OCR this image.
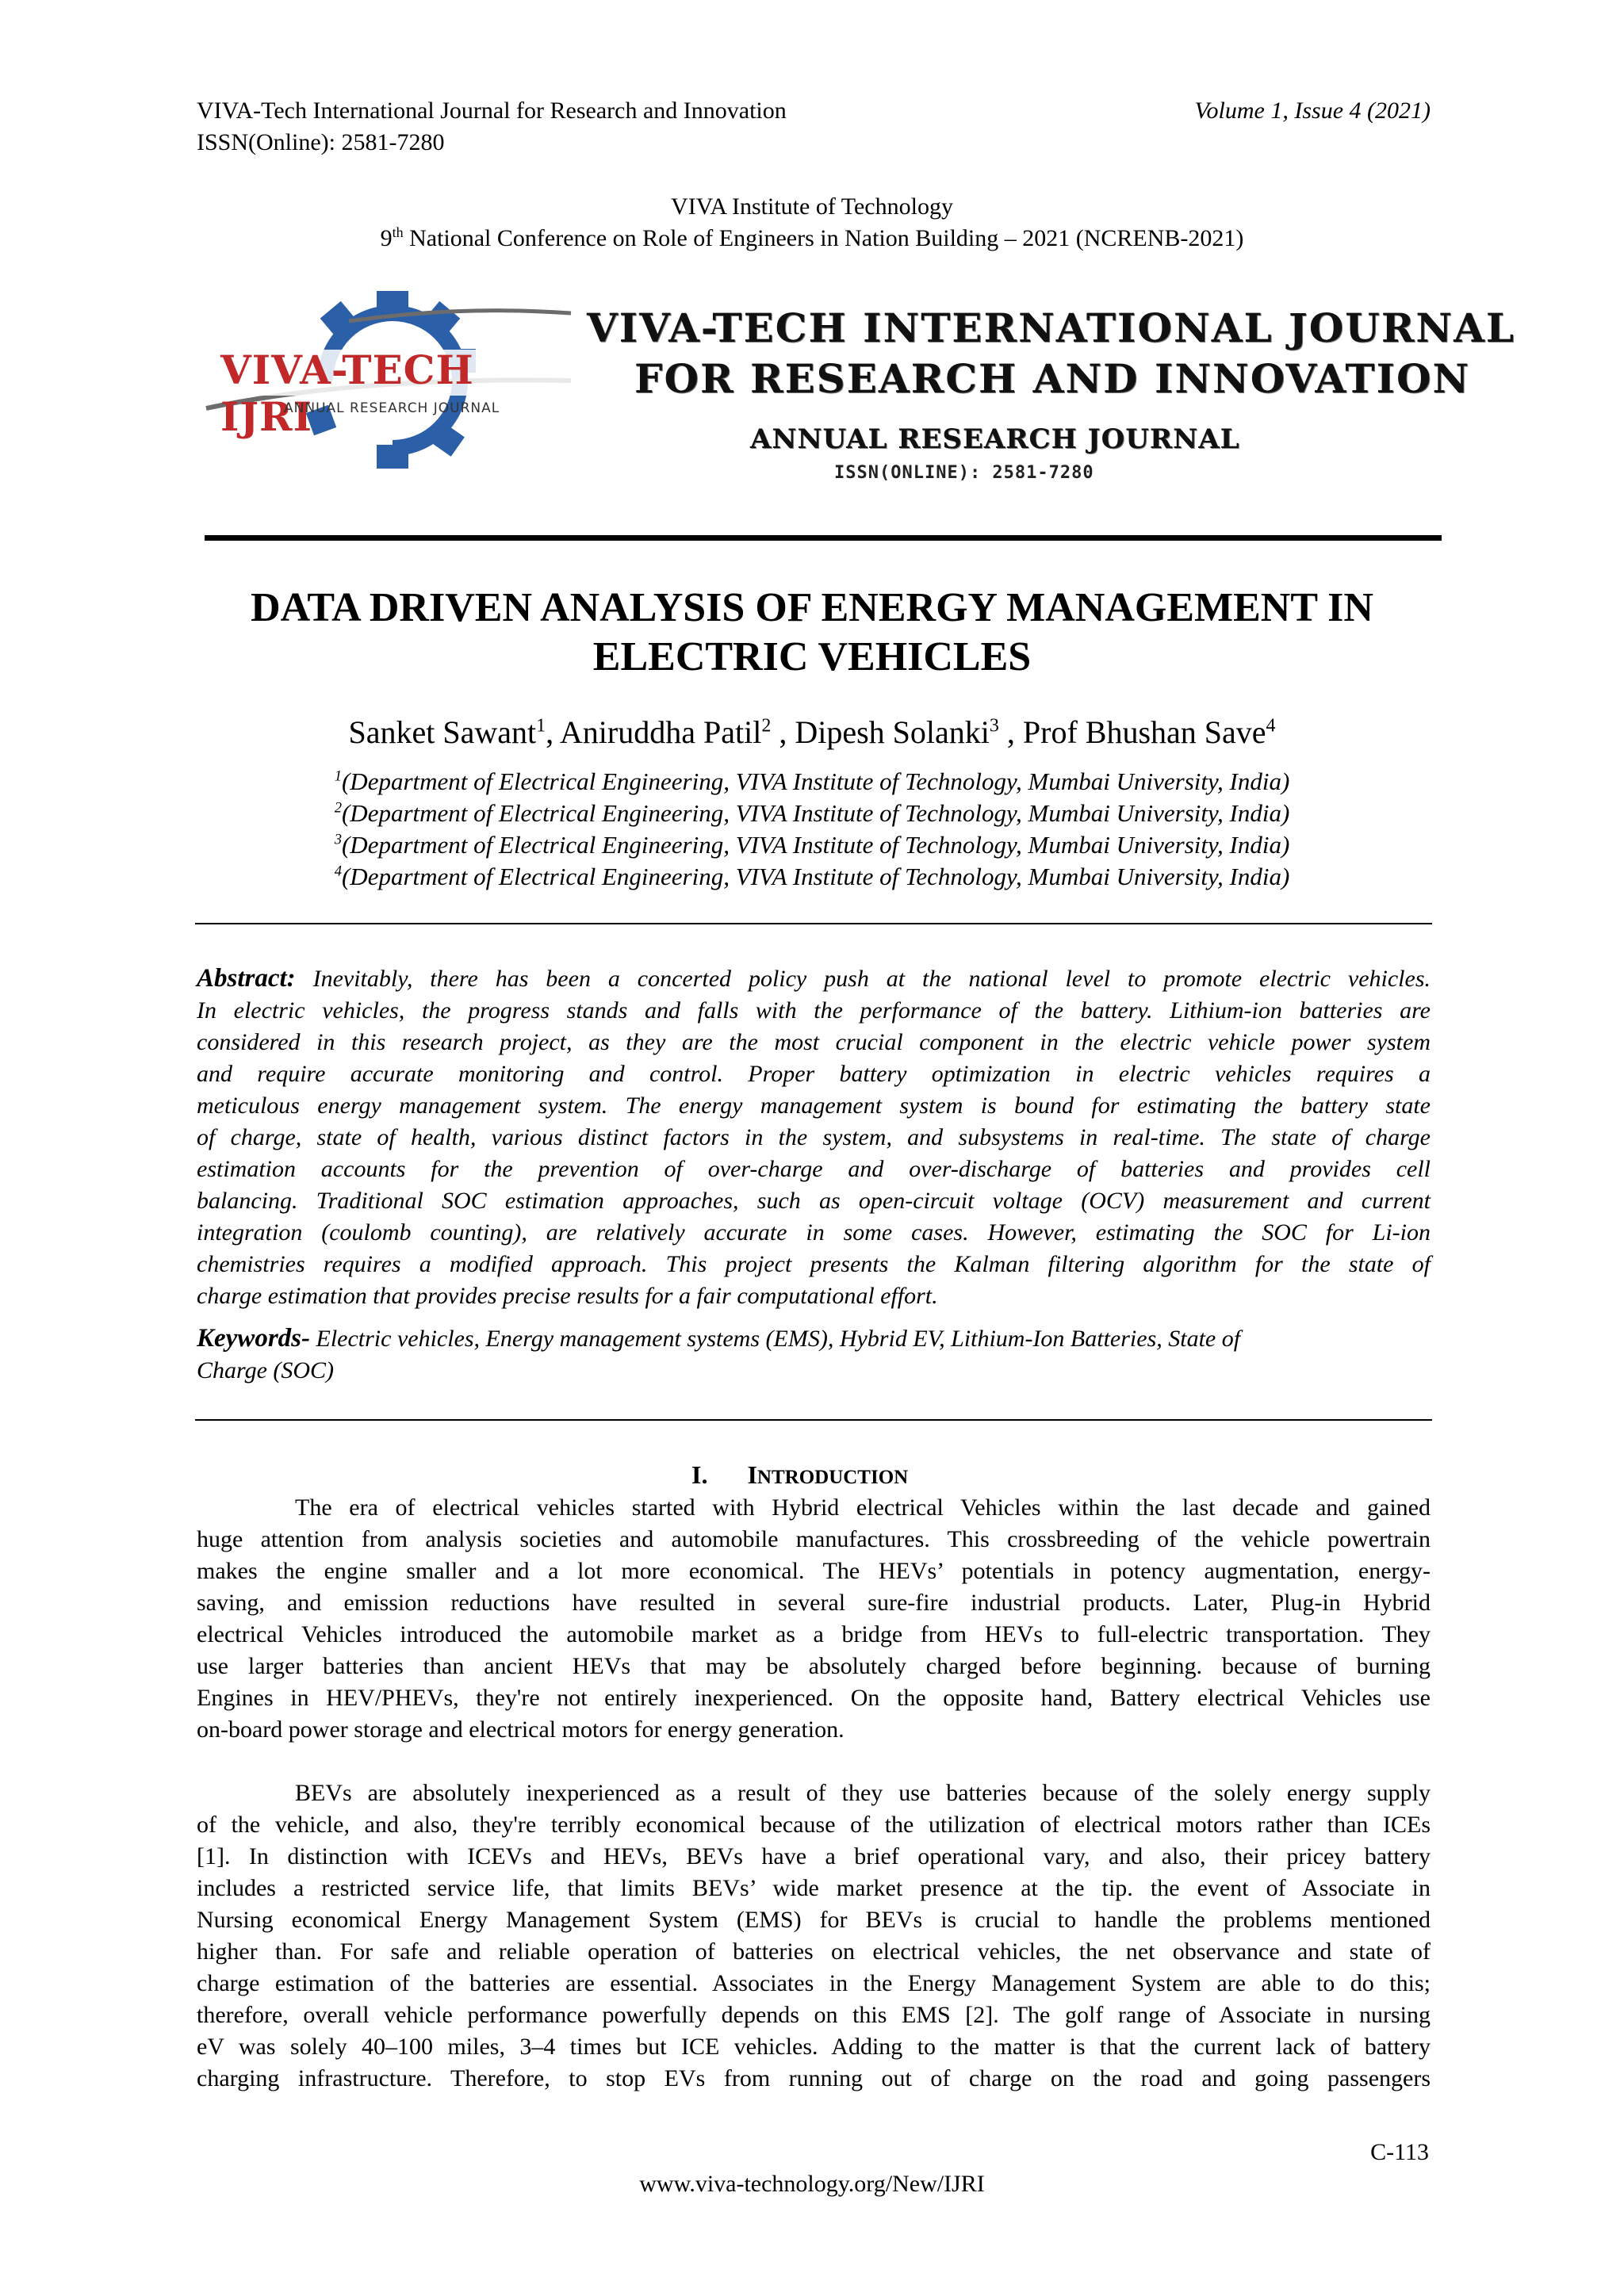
VIVA-Tech International Journal for Research and Innovation	Volume 1, Issue 4 (2021)
ISSN(Online): 2581-7280
VIVA Institute of Technology
9th National Conference on Role of Engineers in Nation Building – 2021 (NCRENB-2021)
VIVA-TECH IJRI
ANNUAL RESEARCH JOURNAL
VIVA-TECH INTERNATIONAL JOURNAL
FOR RESEARCH AND INNOVATION
ANNUAL RESEARCH JOURNAL
ISSN(ONLINE): 2581-7280
DATA DRIVEN ANALYSIS OF ENERGY MANAGEMENT IN
ELECTRIC VEHICLES
Sanket Sawant$^1$, Aniruddha Patil$^2$ , Dipesh Solanki$^3$ , Prof Bhushan Save$^4$
$^1$(Department of Electrical Engineering, VIVA Institute of Technology, Mumbai University, India)
$^2$(Department of Electrical Engineering, VIVA Institute of Technology, Mumbai University, India)
$^3$(Department of Electrical Engineering, VIVA Institute of Technology, Mumbai University, India)
$^4$(Department of Electrical Engineering, VIVA Institute of Technology, Mumbai University, India)
Abstract: Inevitably, there has been a concerted policy push at the national level to promote electric vehicles.
In electric vehicles, the progress stands and falls with the performance of the battery. Lithium-ion batteries are
considered in this research project, as they are the most crucial component in the electric vehicle power system
and require accurate monitoring and control. Proper battery optimization in electric vehicles requires a
meticulous energy management system. The energy management system is bound for estimating the battery state
of charge, state of health, various distinct factors in the system, and subsystems in real-time. The state of charge
estimation accounts for the prevention of over-charge and over-discharge of batteries and provides cell
balancing. Traditional SOC estimation approaches, such as open-circuit voltage (OCV) measurement and current
integration (coulomb counting), are relatively accurate in some cases. However, estimating the SOC for Li-ion
chemistries requires a modified approach. This project presents the Kalman filtering algorithm for the state of
charge estimation that provides precise results for a fair computational effort.
Keywords- Electric vehicles, Energy management systems (EMS), Hybrid EV, Lithium-Ion Batteries, State of
Charge (SOC)
I. INTRODUCTION
The era of electrical vehicles started with Hybrid electrical Vehicles within the last decade and gained
huge attention from analysis societies and automobile manufactures. This crossbreeding of the vehicle powertrain
makes the engine smaller and a lot more economical. The HEVs’ potentials in potency augmentation, energy-
saving, and emission reductions have resulted in several sure-fire industrial products. Later, Plug-in Hybrid
electrical Vehicles introduced the automobile market as a bridge from HEVs to full-electric transportation. They
use larger batteries than ancient HEVs that may be absolutely charged before beginning. because of burning
Engines in HEV/PHEVs, they're not entirely inexperienced. On the opposite hand, Battery electrical Vehicles use
on-board power storage and electrical motors for energy generation.
BEVs are absolutely inexperienced as a result of they use batteries because of the solely energy supply
of the vehicle, and also, they're terribly economical because of the utilization of electrical motors rather than ICEs
[1]. In distinction with ICEVs and HEVs, BEVs have a brief operational vary, and also, their pricey battery
includes a restricted service life, that limits BEVs’ wide market presence at the tip. the event of Associate in
Nursing economical Energy Management System (EMS) for BEVs is crucial to handle the problems mentioned
higher than. For safe and reliable operation of batteries on electrical vehicles, the net observance and state of
charge estimation of the batteries are essential. Associates in the Energy Management System are able to do this;
therefore, overall vehicle performance powerfully depends on this EMS [2]. The golf range of Associate in nursing
eV was solely 40–100 miles, 3–4 times but ICE vehicles. Adding to the matter is that the current lack of battery
charging infrastructure. Therefore, to stop EVs from running out of charge on the road and going passengers
C-113
www.viva-technology.org/New/IJRI
